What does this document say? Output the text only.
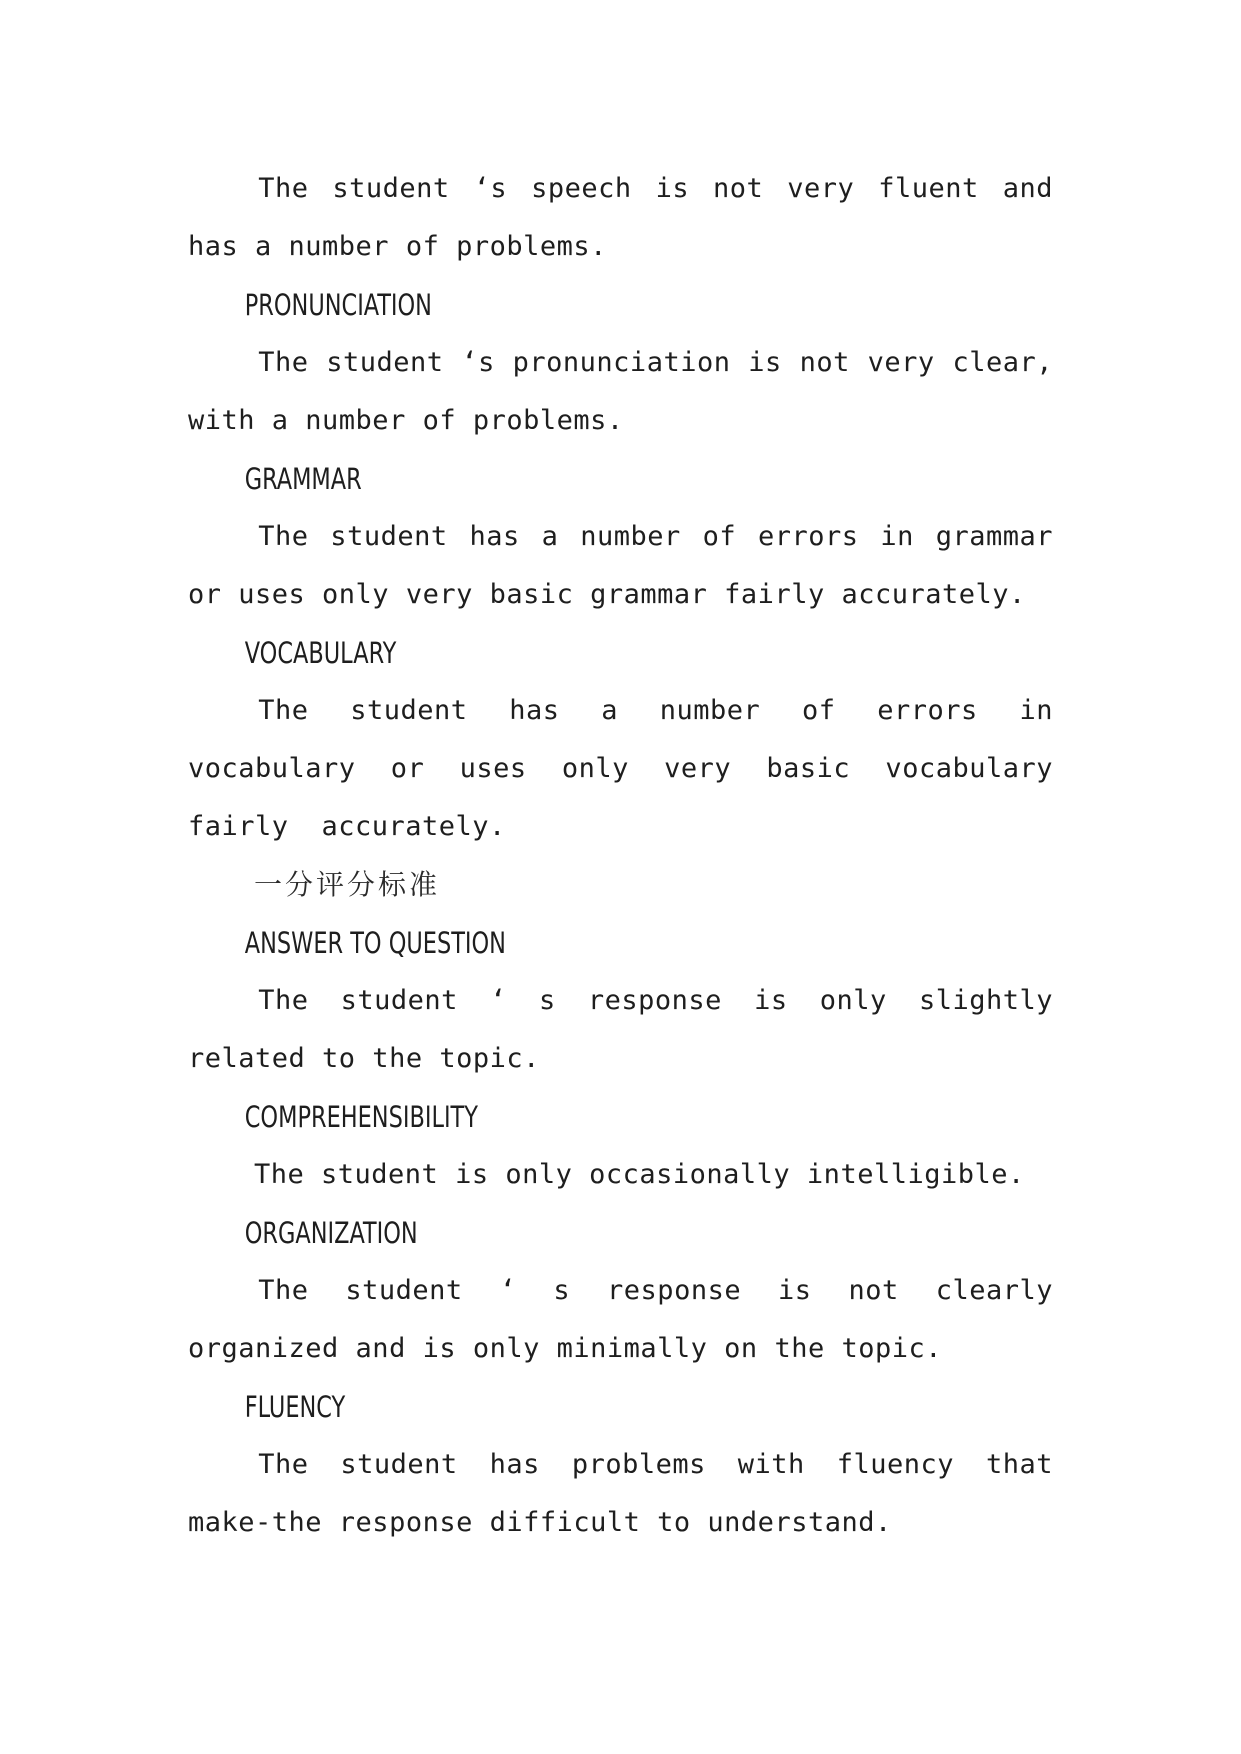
The student ‘s speech is not very fluent and has a number of problems.

PRONUNCIATION

The student ‘s pronunciation is not very clear, with a number of problems.

GRAMMAR

The student has a number of errors in grammar or uses only very basic grammar fairly accurately.

VOCABULARY

The student has a number of errors in vocabulary or uses only very basic vocabulary fairly accurately.

一分评分标准

ANSWER TO QUESTION

The student ‘ s response is only slightly related to the topic.

COMPREHENSIBILITY

The student is only occasionally intelligible.

ORGANIZATION

The student ‘ s response is not clearly organized and is only minimally on the topic.

FLUENCY

The student has problems with fluency that make-the response difficult to understand.
